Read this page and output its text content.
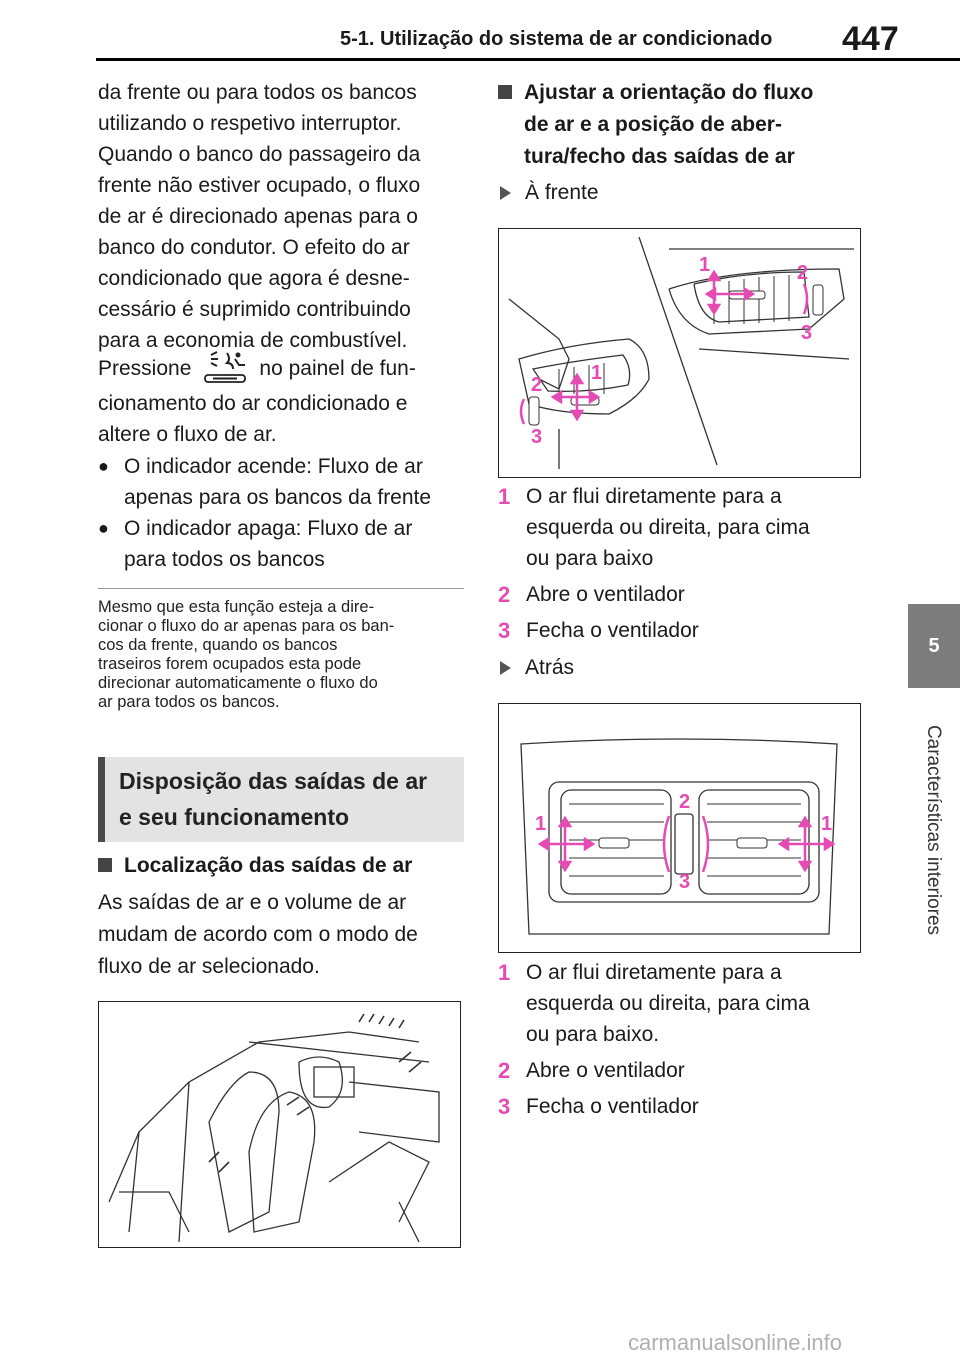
5-1. Utilização do sistema de ar condicionado 447
5
Características interiores
da frente ou para todos os bancos
utilizando o respetivo interruptor.
Quando o banco do passageiro da
frente não estiver ocupado, o fluxo
de ar é direcionado apenas para o
banco do condutor. O efeito do ar
condicionado que agora é desne-
cessário é suprimido contribuindo
para a economia de combustível.
Pressione	no painel de fun-
cionamento do ar condicionado e
altere o fluxo de ar.
● O indicador acende: Fluxo de ar
apenas para os bancos da frente
● O indicador apaga: Fluxo de ar
para todos os bancos
Mesmo que esta função esteja a dire-
cionar o fluxo do ar apenas para os ban-
cos da frente, quando os bancos
traseiros forem ocupados esta pode
direcionar automaticamente o fluxo do
ar para todos os bancos.
Disposição das saídas de ar
e seu funcionamento
Localização das saídas de ar
As saídas de ar e o volume de ar
mudam de acordo com o modo de
fluxo de ar selecionado.
Ajustar a orientação do fluxo
de ar e a posição de aber-
tura/fecho das saídas de ar
À frente
1	2
3
1
2
3
1 O ar flui diretamente para a
esquerda ou direita, para cima
ou para baixo
2 Abre o ventilador
3 Fecha o ventilador
Atrás
1	1
2
3
1 O ar flui diretamente para a
esquerda ou direita, para cima
ou para baixo.
2 Abre o ventilador
3 Fecha o ventilador
carmanualsonline.info
